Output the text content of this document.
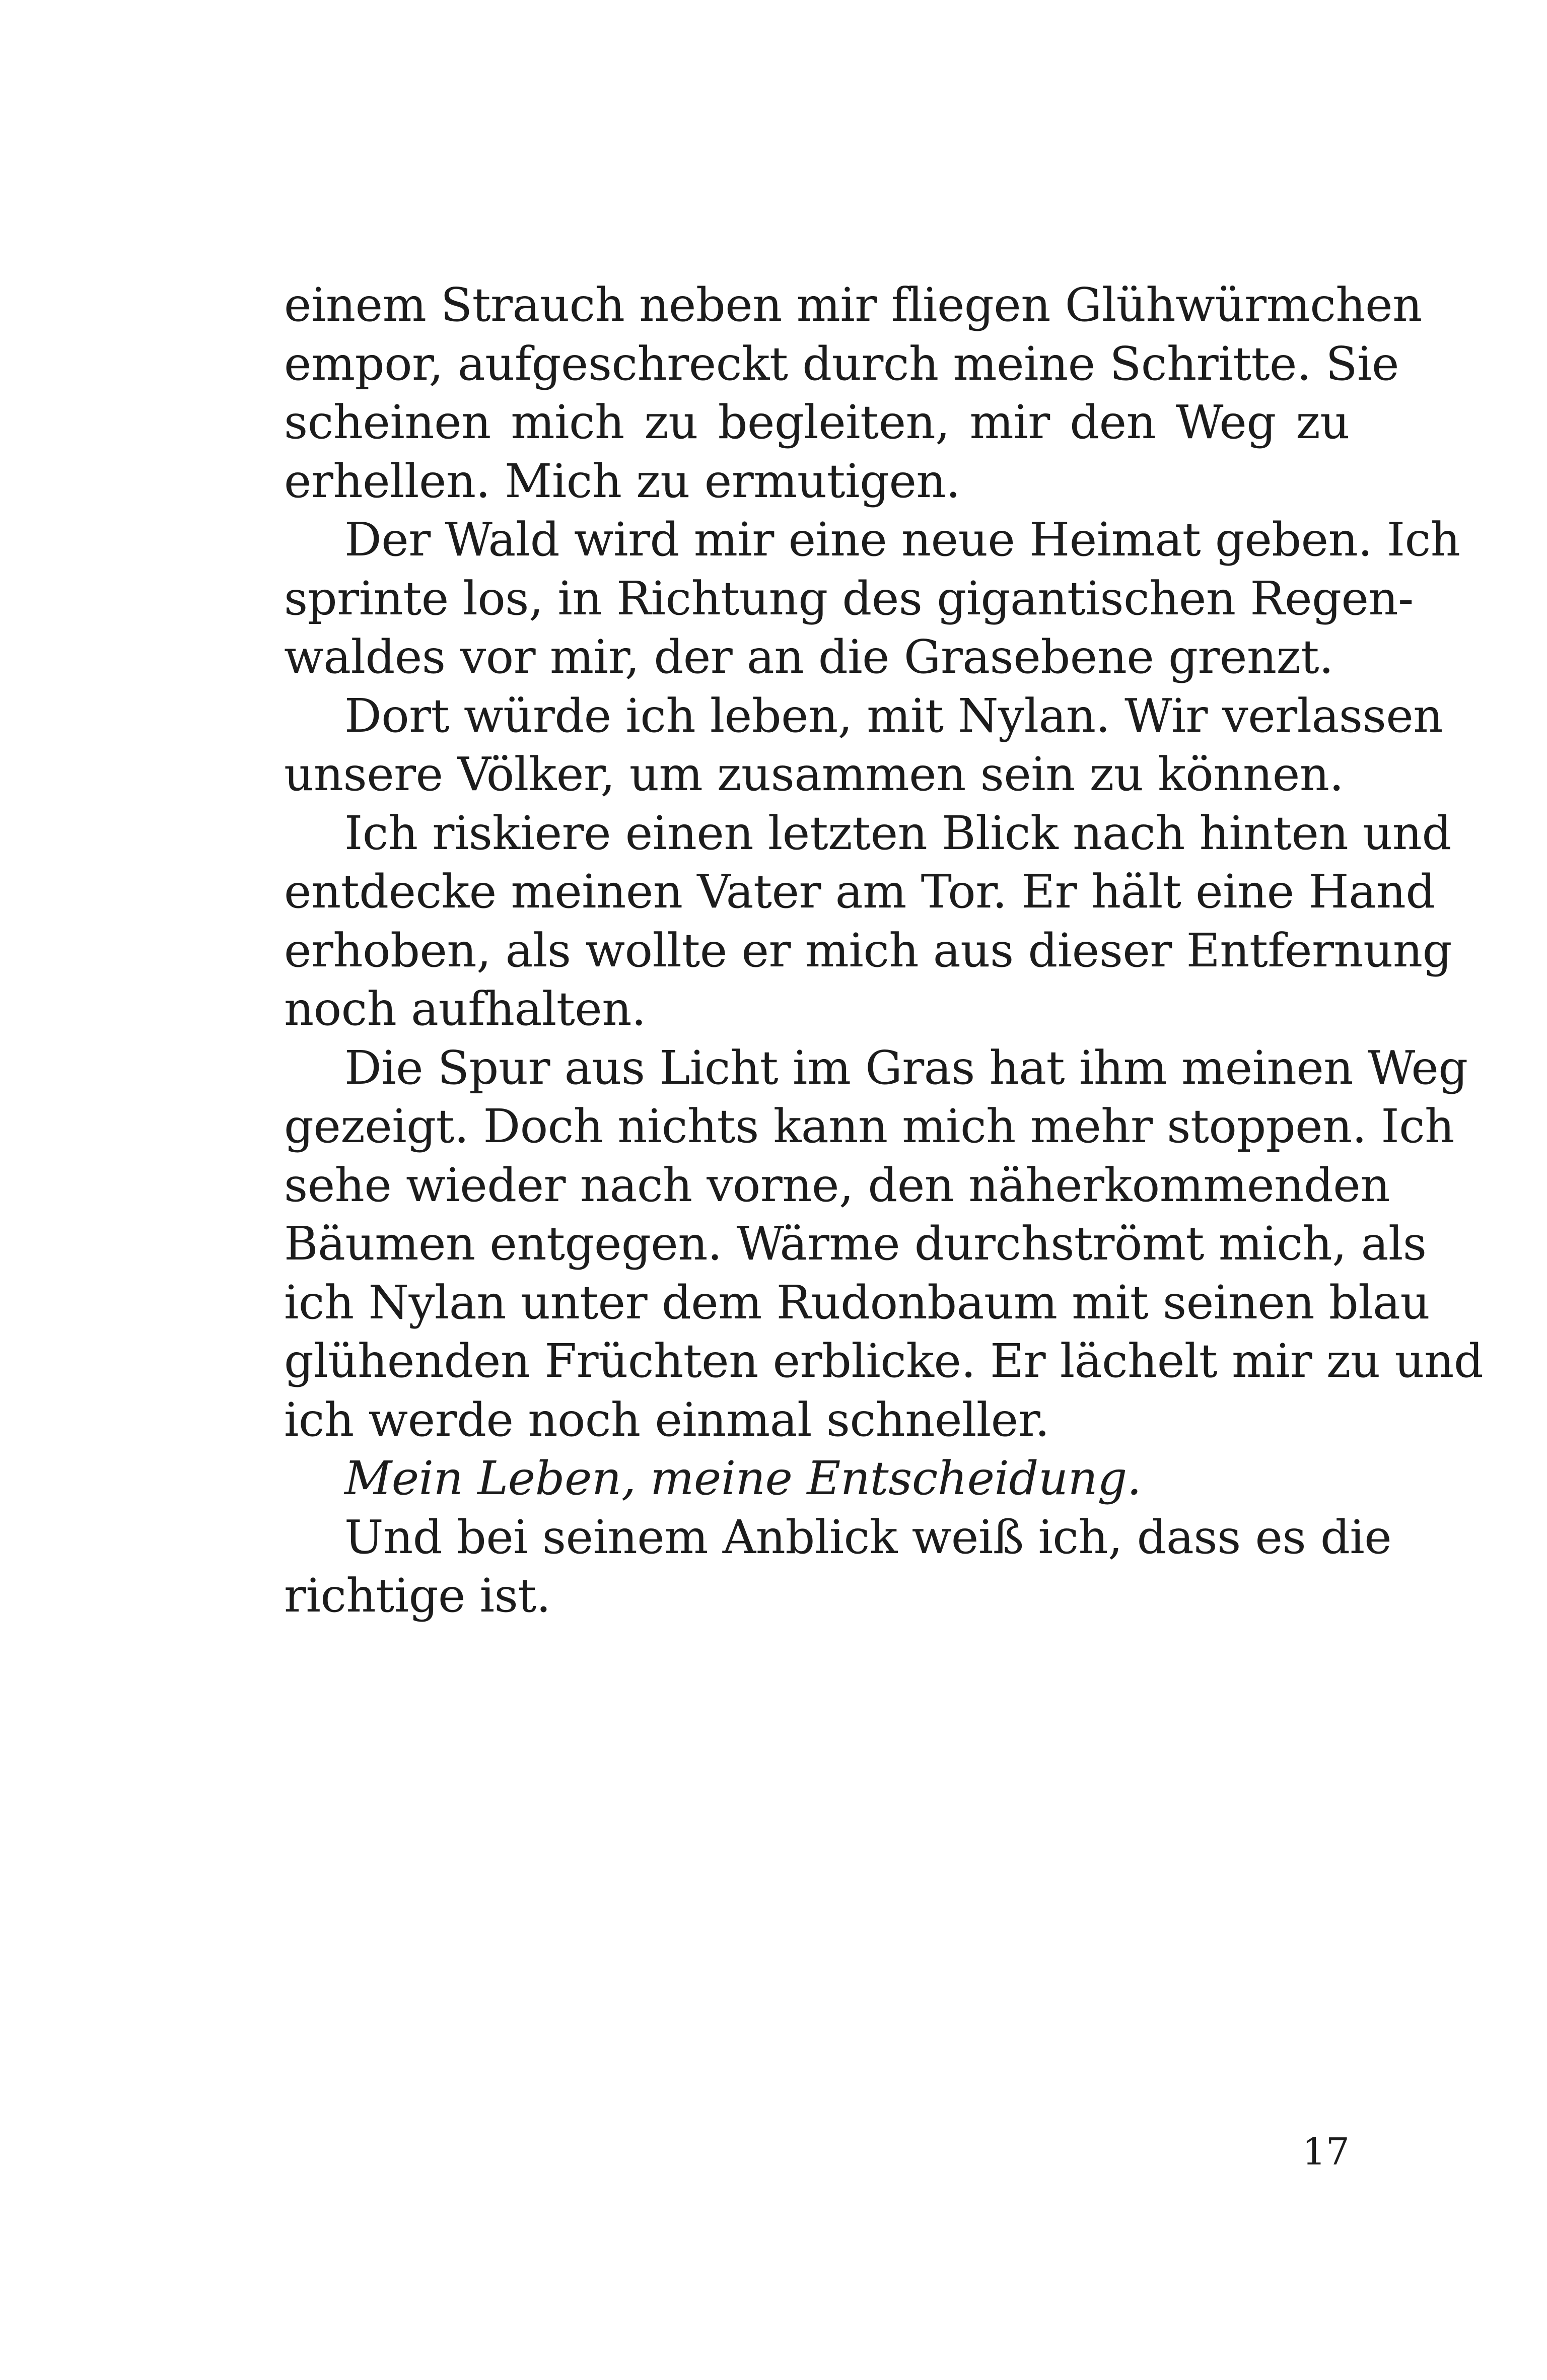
einem Strauch neben mir fliegen Glühwürmchen
empor, aufgeschreckt durch meine Schritte. Sie
scheinen mich zu begleiten, mir den Weg zu
erhellen. Mich zu ermutigen.
Der Wald wird mir eine neue Heimat geben. Ich
sprinte los, in Richtung des gigantischen Regen-
waldes vor mir, der an die Grasebene grenzt.
Dort würde ich leben, mit Nylan. Wir verlassen
unsere Völker, um zusammen sein zu können.
Ich riskiere einen letzten Blick nach hinten und
entdecke meinen Vater am Tor. Er hält eine Hand
erhoben, als wollte er mich aus dieser Entfernung
noch aufhalten.
Die Spur aus Licht im Gras hat ihm meinen Weg
gezeigt. Doch nichts kann mich mehr stoppen. Ich
sehe wieder nach vorne, den näherkommenden
Bäumen entgegen. Wärme durchströmt mich, als
ich Nylan unter dem Rudonbaum mit seinen blau
glühenden Früchten erblicke. Er lächelt mir zu und
ich werde noch einmal schneller.
Mein Leben, meine Entscheidung.
Und bei seinem Anblick weiß ich, dass es die
richtige ist.
17
